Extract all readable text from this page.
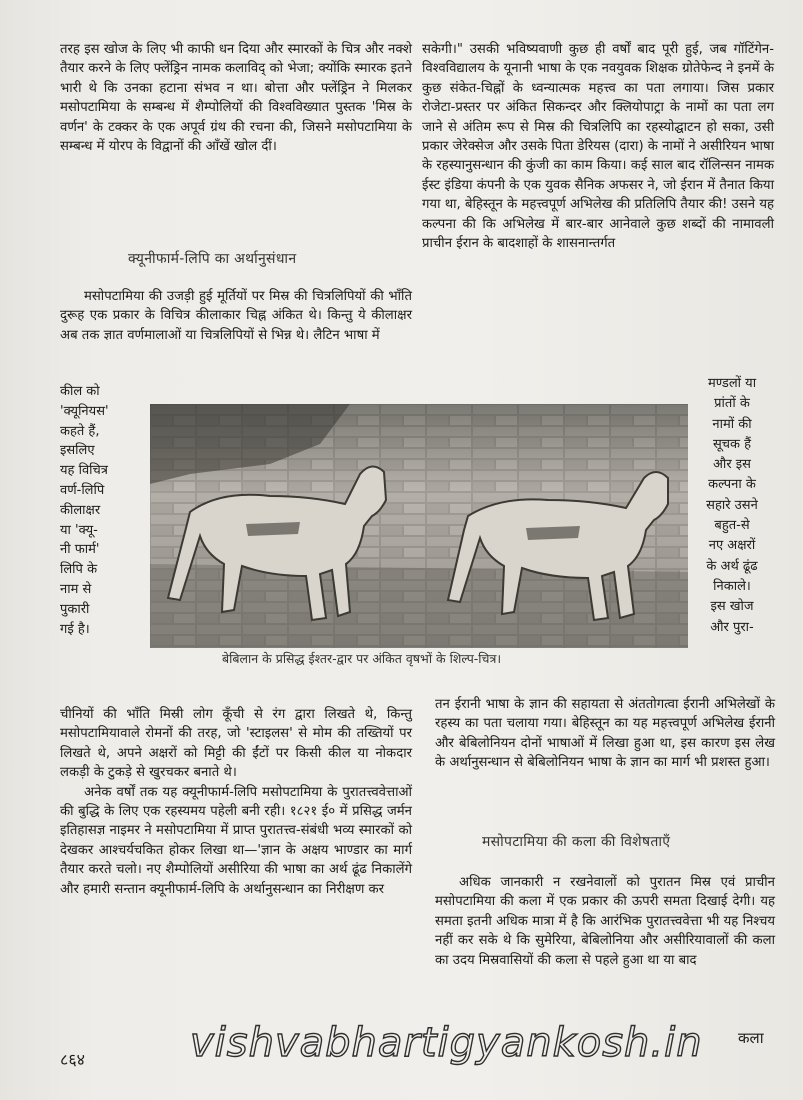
तरह इस खोज के लिए भी काफी धन दिया और स्मारकों के चित्र और नक्शे तैयार करने के लिए फ्लेंड्रिन नामक कलाविद् को भेजा; क्योंकि स्मारक इतने भारी थे कि उनका हटाना संभव न था। बोत्ता और फ्लेंड्रिन ने मिलकर मसोपटामिया के सम्बन्ध में शैम्पोलियों की विश्वविख्यात पुस्तक 'मिस्र के वर्णन' के टक्कर के एक अपूर्व ग्रंथ की रचना की, जिसने मसोपटामिया के सम्बन्ध में योरप के विद्वानों की आँखें खोल दीं।
क्यूनीफार्म-लिपि का अर्थानुसंधान
मसोपटामिया की उजड़ी हुई मूर्तियों पर मिस्र की चित्रलिपियों की भाँति दुरूह एक प्रकार के विचित्र कीलाकार चिह्न अंकित थे। किन्तु ये कीलाक्षर अब तक ज्ञात वर्णमालाओं या चित्रलिपियों से भिन्न थे। लैटिन भाषा में
कील को
'क्यूनियस'
कहते हैं,
इसलिए
यह विचित्र
वर्ण-लिपि
कीलाक्षर
या 'क्यू-
नी फार्म'
लिपि के
नाम से
पुकारी
गई है।
बेबिलान के प्रसिद्ध ईश्तर-द्वार पर अंकित वृषभों के शिल्प-चित्र।
सकेगी।" उसकी भविष्यवाणी कुछ ही वर्षों बाद पूरी हुई, जब गॉटिंगेन-विश्वविद्यालय के यूनानी भाषा के एक नवयुवक शिक्षक ग्रोतेफेन्द ने इनमें के कुछ संकेत-चिह्नों के ध्वन्यात्मक महत्त्व का पता लगाया। जिस प्रकार रोजेटा-प्रस्तर पर अंकित सिकन्दर और क्लियोपाट्रा के नामों का पता लग जाने से अंतिम रूप से मिस्र की चित्रलिपि का रहस्योद्घाटन हो सका, उसी प्रकार जेरेक्सेज और उसके पिता डेरियस (दारा) के नामों ने असीरियन भाषा के रहस्यानुसन्धान की कुंजी का काम किया। कई साल बाद रॉलिन्सन नामक ईस्ट इंडिया कंपनी के एक युवक सैनिक अफसर ने, जो ईरान में तैनात किया गया था, बेहिस्तून के महत्त्वपूर्ण अभिलेख की प्रतिलिपि तैयार की! उसने यह कल्पना की कि अभिलेख में बार-बार आनेवाले कुछ शब्दों की नामावली प्राचीन ईरान के बादशाहों के शासनान्तर्गत
मण्डलों या
प्रांतों के
नामों की
सूचक हैं
और इस
कल्पना के
सहारे उसने
बहुत-से
नए अक्षरों
के अर्थ ढूंढ
निकाले।
इस खोज
और पुरा-

चीनियों की भाँति मिस्री लोग कूँची से रंग द्वारा लिखते थे, किन्तु मसोपटामियावाले रोमनों की तरह, जो 'स्टाइलस' से मोम की तख्तियों पर लिखते थे, अपने अक्षरों को मिट्टी की ईंटों पर किसी कील या नोकदार लकड़ी के टुकड़े से खुरचकर बनाते थे।

अनेक वर्षों तक यह क्यूनीफार्म-लिपि मसोपटामिया के पुरातत्त्ववेत्ताओं की बुद्धि के लिए एक रहस्यमय पहेली बनी रही। १८२१ ई० में प्रसिद्ध जर्मन इतिहासज्ञ नाइमर ने मसोपटामिया में प्राप्त पुरातत्त्व-संबंधी भव्य स्मारकों को देखकर आश्चर्यचकित होकर लिखा था—'ज्ञान के अक्षय भाण्डार का मार्ग तैयार करते चलो। नए शैम्पोलियों असीरिया की भाषा का अर्थ ढूंढ निकालेंगे और हमारी सन्तान क्यूनीफार्म-लिपि के अर्थानुसन्धान का निरीक्षण कर

तन ईरानी भाषा के ज्ञान की सहायता से अंततोगत्वा ईरानी अभिलेखों के रहस्य का पता चलाया गया। बेहिस्तून का यह महत्त्वपूर्ण अभिलेख ईरानी और बेबिलोनियन दोनों भाषाओं में लिखा हुआ था, इस कारण इस लेख के अर्थानुसन्धान से बेबिलोनियन भाषा के ज्ञान का मार्ग भी प्रशस्त हुआ।
मसोपटामिया की कला की विशेषताएँ
अधिक जानकारी न रखनेवालों को पुरातन मिस्र एवं प्राचीन मसोपटामिया की कला में एक प्रकार की ऊपरी समता दिखाई देगी। यह समता इतनी अधिक मात्रा में है कि आरंभिक पुरातत्त्ववेत्ता भी यह निश्चय नहीं कर सके थे कि सुमेरिया, बेबिलोनिया और असीरियावालों की कला का उदय मिस्रवासियों की कला से पहले हुआ था या बाद
८६४
कला
vishvabhartigyankosh.in
